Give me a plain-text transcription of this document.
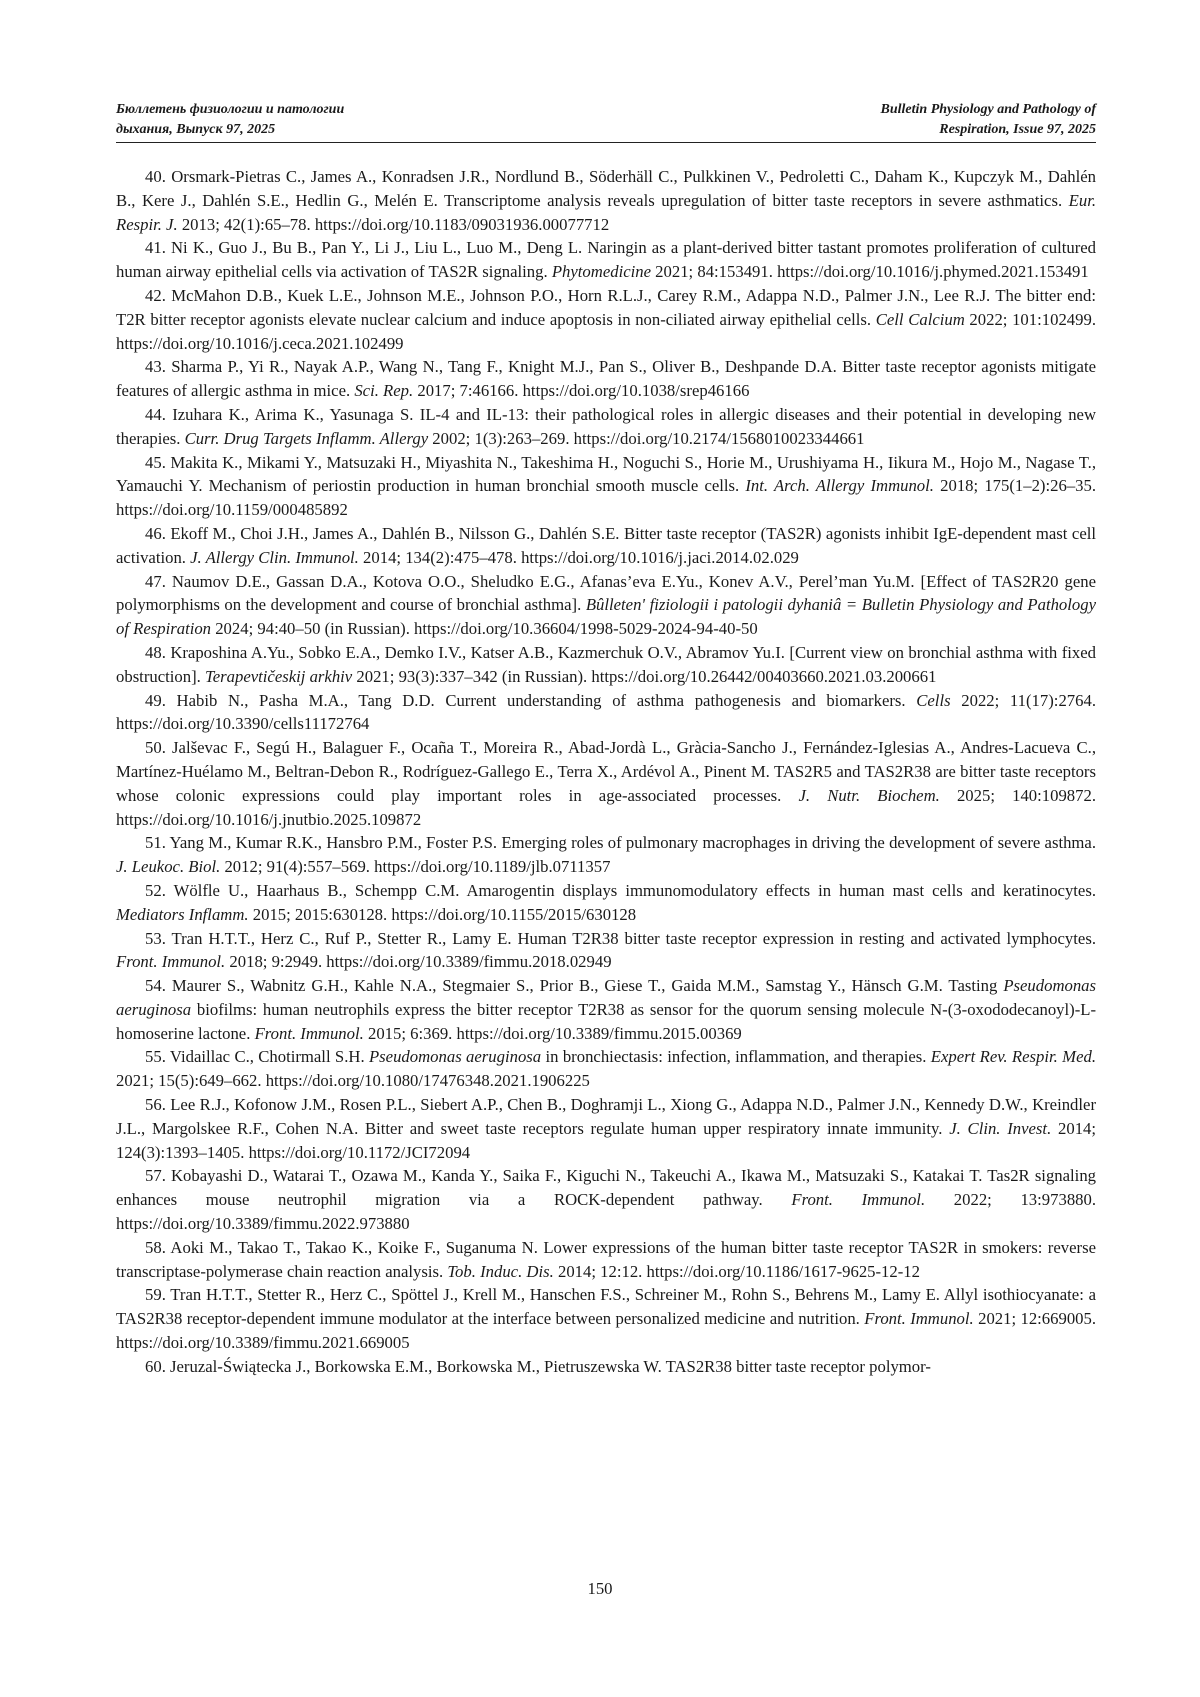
Бюллетень физиологии и патологии
дыхания, Выпуск 97, 2025
Bulletin Physiology and Pathology of
Respiration, Issue 97, 2025

40. Orsmark-Pietras C., James A., Konradsen J.R., Nordlund B., Söderhäll C., Pulkkinen V., Pedroletti C., Daham K., Kupczyk M., Dahlén B., Kere J., Dahlén S.E., Hedlin G., Melén E. Transcriptome analysis reveals upregulation of bitter taste receptors in severe asthmatics. Eur. Respir. J. 2013; 42(1):65–78. https://doi.org/10.1183/09031936.00077712

41. Ni K., Guo J., Bu B., Pan Y., Li J., Liu L., Luo M., Deng L. Naringin as a plant-derived bitter tastant promotes proliferation of cultured human airway epithelial cells via activation of TAS2R signaling. Phytomedicine 2021; 84:153491. https://doi.org/10.1016/j.phymed.2021.153491

42. McMahon D.B., Kuek L.E., Johnson M.E., Johnson P.O., Horn R.L.J., Carey R.M., Adappa N.D., Palmer J.N., Lee R.J. The bitter end: T2R bitter receptor agonists elevate nuclear calcium and induce apoptosis in non-ciliated airway epithelial cells. Cell Calcium 2022; 101:102499. https://doi.org/10.1016/j.ceca.2021.102499

43. Sharma P., Yi R., Nayak A.P., Wang N., Tang F., Knight M.J., Pan S., Oliver B., Deshpande D.A. Bitter taste receptor agonists mitigate features of allergic asthma in mice. Sci. Rep. 2017; 7:46166. https://doi.org/10.1038/srep46166

44. Izuhara K., Arima K., Yasunaga S. IL-4 and IL-13: their pathological roles in allergic diseases and their potential in developing new therapies. Curr. Drug Targets Inflamm. Allergy 2002; 1(3):263–269. https://doi.org/10.2174/1568010023344661

45. Makita K., Mikami Y., Matsuzaki H., Miyashita N., Takeshima H., Noguchi S., Horie M., Urushiyama H., Iikura M., Hojo M., Nagase T., Yamauchi Y. Mechanism of periostin production in human bronchial smooth muscle cells. Int. Arch. Allergy Immunol. 2018; 175(1–2):26–35. https://doi.org/10.1159/000485892

46. Ekoff M., Choi J.H., James A., Dahlén B., Nilsson G., Dahlén S.E. Bitter taste receptor (TAS2R) agonists inhibit IgE-dependent mast cell activation. J. Allergy Clin. Immunol. 2014; 134(2):475–478. https://doi.org/10.1016/j.jaci.2014.02.029

47. Naumov D.E., Gassan D.A., Kotova O.O., Sheludko E.G., Afanas’eva E.Yu., Konev A.V., Perel’man Yu.M. [Effect of TAS2R20 gene polymorphisms on the development and course of bronchial asthma]. Bûlleten' fiziologii i patologii dyhaniâ = Bulletin Physiology and Pathology of Respiration 2024; 94:40–50 (in Russian). https://doi.org/10.36604/1998-5029-2024-94-40-50

48. Kraposhina A.Yu., Sobko E.A., Demko I.V., Katser A.B., Kazmerchuk O.V., Abramov Yu.I. [Current view on bronchial asthma with fixed obstruction]. Terapevtičeskij arkhiv 2021; 93(3):337–342 (in Russian). https://doi.org/10.26442/00403660.2021.03.200661

49. Habib N., Pasha M.A., Tang D.D. Current understanding of asthma pathogenesis and biomarkers. Cells 2022; 11(17):2764. https://doi.org/10.3390/cells11172764

50. Jalševac F., Segú H., Balaguer F., Ocaña T., Moreira R., Abad-Jordà L., Gràcia-Sancho J., Fernández-Iglesias A., Andres-Lacueva C., Martínez-Huélamo M., Beltran-Debon R., Rodríguez-Gallego E., Terra X., Ardévol A., Pinent M. TAS2R5 and TAS2R38 are bitter taste receptors whose colonic expressions could play important roles in age-associated processes. J. Nutr. Biochem. 2025; 140:109872. https://doi.org/10.1016/j.jnutbio.2025.109872

51. Yang M., Kumar R.K., Hansbro P.M., Foster P.S. Emerging roles of pulmonary macrophages in driving the development of severe asthma. J. Leukoc. Biol. 2012; 91(4):557–569. https://doi.org/10.1189/jlb.0711357

52. Wölfle U., Haarhaus B., Schempp C.M. Amarogentin displays immunomodulatory effects in human mast cells and keratinocytes. Mediators Inflamm. 2015; 2015:630128. https://doi.org/10.1155/2015/630128

53. Tran H.T.T., Herz C., Ruf P., Stetter R., Lamy E. Human T2R38 bitter taste receptor expression in resting and activated lymphocytes. Front. Immunol. 2018; 9:2949. https://doi.org/10.3389/fimmu.2018.02949

54. Maurer S., Wabnitz G.H., Kahle N.A., Stegmaier S., Prior B., Giese T., Gaida M.M., Samstag Y., Hänsch G.M. Tasting Pseudomonas aeruginosa biofilms: human neutrophils express the bitter receptor T2R38 as sensor for the quorum sensing molecule N-(3-oxododecanoyl)-L-homoserine lactone. Front. Immunol. 2015; 6:369. https://doi.org/10.3389/fimmu.2015.00369

55. Vidaillac C., Chotirmall S.H. Pseudomonas aeruginosa in bronchiectasis: infection, inflammation, and therapies. Expert Rev. Respir. Med. 2021; 15(5):649–662. https://doi.org/10.1080/17476348.2021.1906225

56. Lee R.J., Kofonow J.M., Rosen P.L., Siebert A.P., Chen B., Doghramji L., Xiong G., Adappa N.D., Palmer J.N., Kennedy D.W., Kreindler J.L., Margolskee R.F., Cohen N.A. Bitter and sweet taste receptors regulate human upper respiratory innate immunity. J. Clin. Invest. 2014; 124(3):1393–1405. https://doi.org/10.1172/JCI72094

57. Kobayashi D., Watarai T., Ozawa M., Kanda Y., Saika F., Kiguchi N., Takeuchi A., Ikawa M., Matsuzaki S., Katakai T. Tas2R signaling enhances mouse neutrophil migration via a ROCK-dependent pathway. Front. Immunol. 2022; 13:973880. https://doi.org/10.3389/fimmu.2022.973880

58. Aoki M., Takao T., Takao K., Koike F., Suganuma N. Lower expressions of the human bitter taste receptor TAS2R in smokers: reverse transcriptase-polymerase chain reaction analysis. Tob. Induc. Dis. 2014; 12:12. https://doi.org/10.1186/1617-9625-12-12

59. Tran H.T.T., Stetter R., Herz C., Spöttel J., Krell M., Hanschen F.S., Schreiner M., Rohn S., Behrens M., Lamy E. Allyl isothiocyanate: a TAS2R38 receptor-dependent immune modulator at the interface between personalized medicine and nutrition. Front. Immunol. 2021; 12:669005. https://doi.org/10.3389/fimmu.2021.669005

60. Jeruzal-Świątecka J., Borkowska E.M., Borkowska M., Pietruszewska W. TAS2R38 bitter taste receptor polymor-

150
